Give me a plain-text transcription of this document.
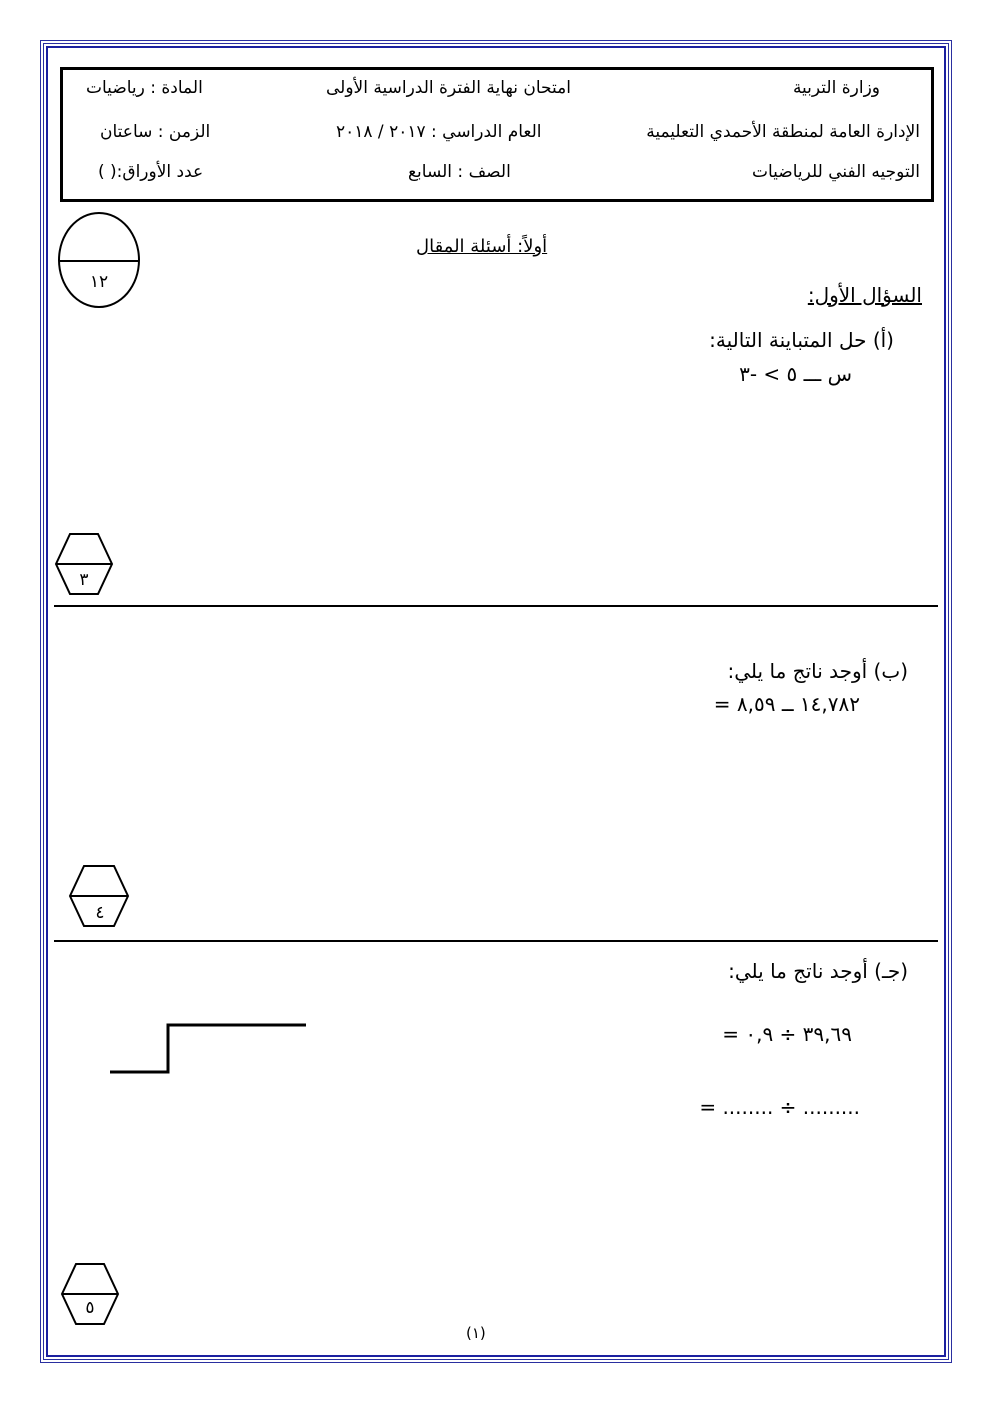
وزارة التربية
امتحان نهاية الفترة الدراسية الأولى
المادة : رياضيات
الإدارة العامة لمنطقة الأحمدي التعليمية
العام الدراسي : ٢٠١٧ / ٢٠١٨
الزمن : ساعتان
التوجيه الفني للرياضيات
الصف : السابع
عدد الأوراق:( )
١٢
أولاً: أسئلة المقال
السؤال الأول:
(أ) حل المتباينة التالية:
س ـــ ٥ > -٣
٣
(ب) أوجد ناتج ما يلي:
١٤,٧٨٢ ــ ٨,٥٩ =
٤
(جـ) أوجد ناتج ما يلي:
٣٩,٦٩ ÷ ٠,٩ =
......... ÷ ........ =
٥
(١)
